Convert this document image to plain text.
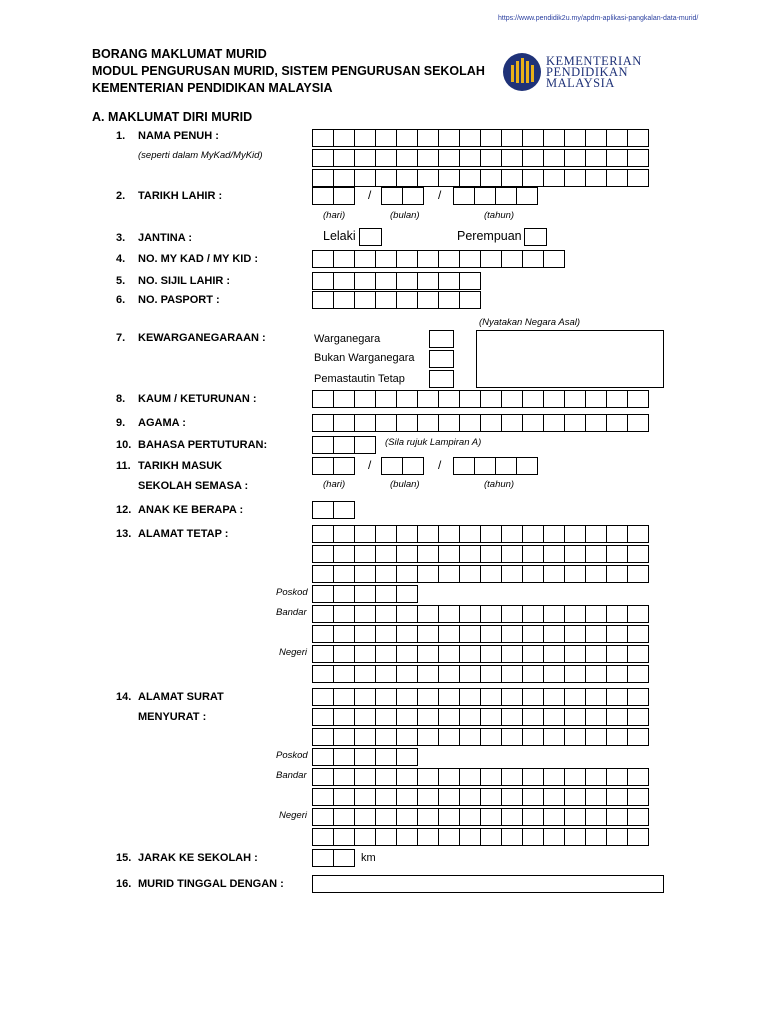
https://www.pendidik2u.my/apdm-aplikasi-pangkalan-data-murid/
BORANG MAKLUMAT MURID
MODUL PENGURUSAN MURID, SISTEM PENGURUSAN SEKOLAH
KEMENTERIAN PENDIDIKAN MALAYSIA
KEMENTERIAN
PENDIDIKAN
MALAYSIA
A. MAKLUMAT DIRI MURID
1. NAMA PENUH :
(seperti dalam MyKad/MyKid)
2. TARIKH LAHIR :	/	/
(hari)	(bulan)	(tahun)
3. JANTINA :	Lelaki	Perempuan
4. NO. MY KAD / MY KID :
5. NO. SIJIL LAHIR :
6. NO. PASPORT :
(Nyatakan Negara Asal)
7. KEWARGANEGARAAN :	Warganegara
Bukan Warganegara
Pemastautin Tetap
8. KAUM / KETURUNAN :
9. AGAMA :
10. BAHASA PERTUTURAN:	(Sila rujuk Lampiran A)
11. TARIKH MASUK
SEKOLAH SEMASA :
/	/
(hari)	(bulan)	(tahun)
12. ANAK KE BERAPA :
13. ALAMAT TETAP :
Poskod
Bandar
Negeri
14. ALAMAT SURAT
MENYURAT :
Poskod
Bandar
Negeri
15. JARAK KE SEKOLAH :	km
16. MURID TINGGAL DENGAN :
